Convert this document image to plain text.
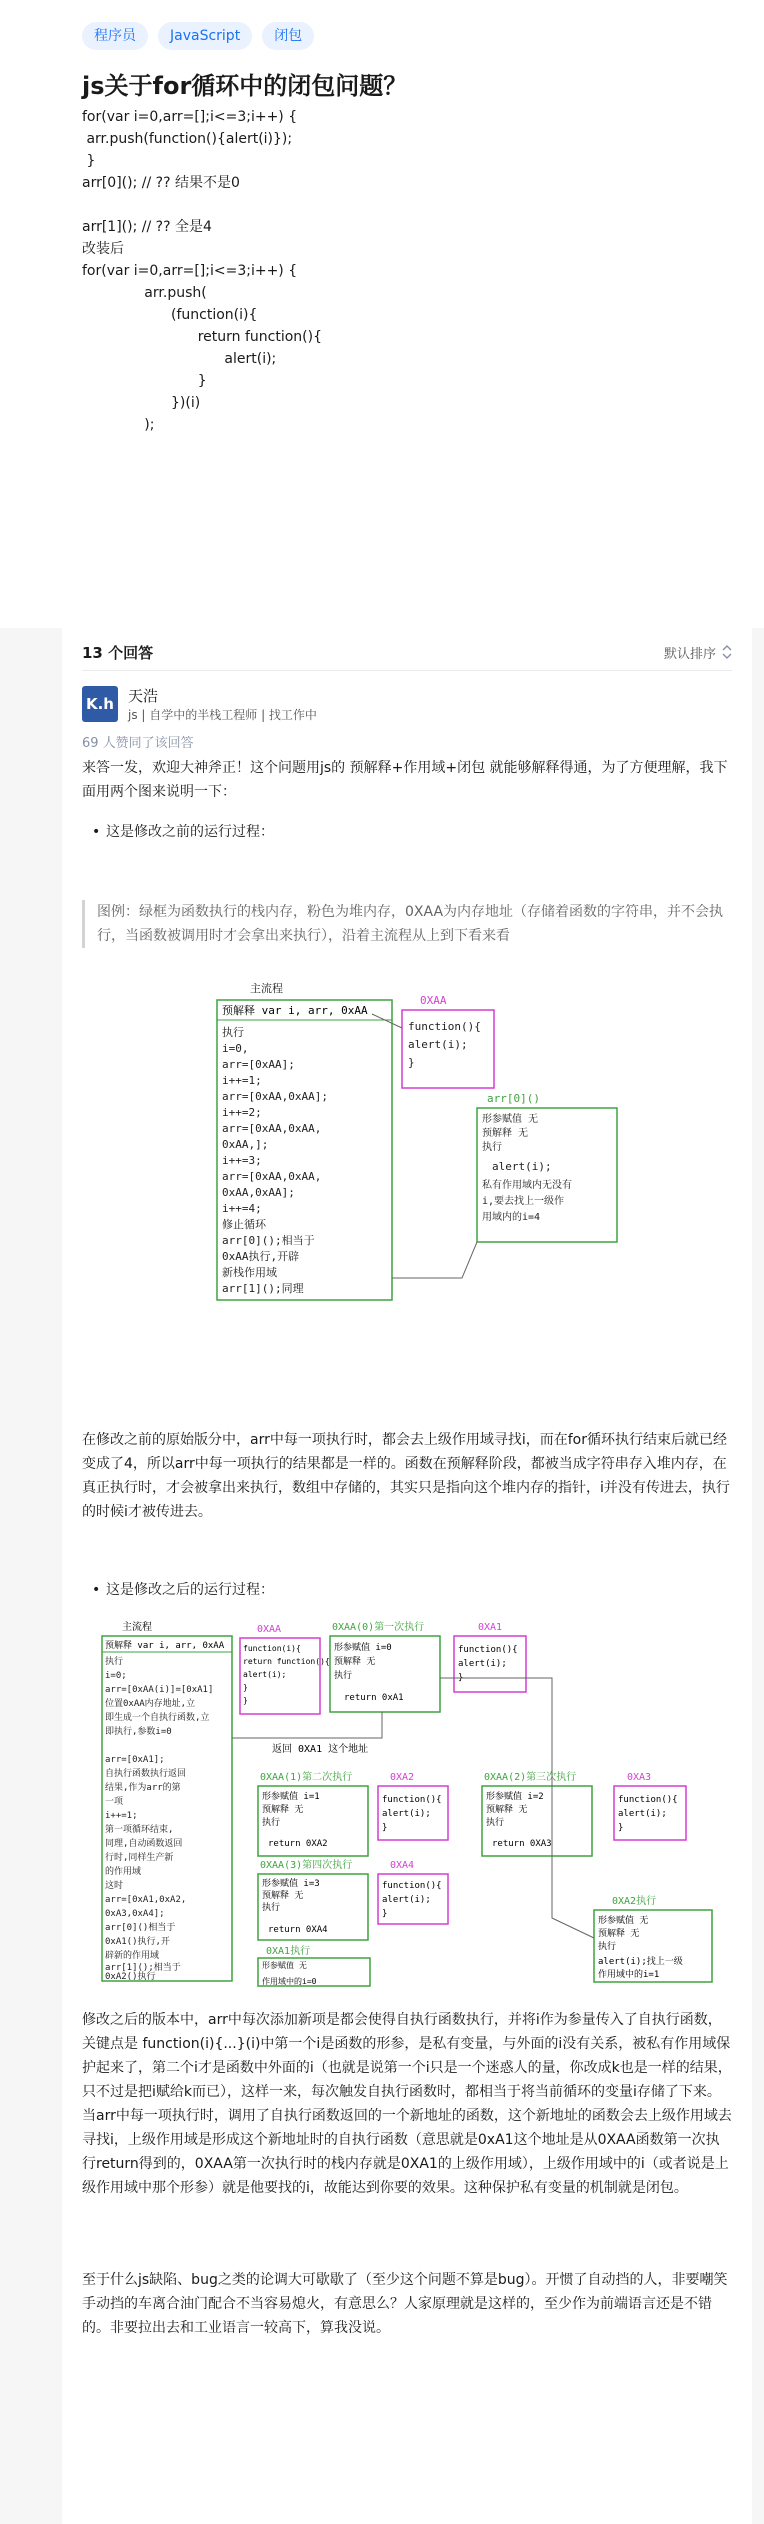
程序员	JavaScript	闭包
js关于for循环中的闭包问题？
for(var i=0,arr=[];i<=3;i++) {
arr.push(function(){alert(i)});
}
arr[0](); // ?? 结果不是0
arr[1](); // ?? 全是4
改装后
for(var i=0,arr=[];i<=3;i++) {
arr.push(
(function(i){
return function(){
alert(i);
}
})(i)
);
13 个回答	默认排序
K.h 天浩
js | 自学中的半栈工程师 | 找工作中
69 人赞同了该回答

来答一发，欢迎大神斧正！这个问题用js的 预解释+作用域+闭包 就能够解释得通，为了方便理解，我下面用两个图来说明一下：

• 这是修改之前的运行过程：
图例：绿框为函数执行的栈内存，粉色为堆内存，0XAA为内存地址（存储着函数的字符串，并不会执行，当函数被调用时才会拿出来执行），沿着主流程从上到下看来看
主流程
预解释 var i, arr, 0xAA
执行
i=0,
arr=[0xAA];
i++=1;
arr=[0xAA,0xAA];
i++=2;
arr=[0xAA,0xAA,
0xAA,];
i++=3;
arr=[0xAA,0xAA,
0xAA,0xAA];
i++=4;
修止循环
arr[0]();相当于
0xAA执行,开辟
新栈作用域
arr[1]();同理
0XAA
function(){
alert(i);
}
arr[0]()
形参赋值 无
预解释 无
执行
alert(i);
私有作用域内无没有
i,要去找上一级作
用域内的i=4

在修改之前的原始版分中，arr中每一项执行时，都会去上级作用域寻找i，而在for循环执行结束后就已经变成了4，所以arr中每一项执行的结果都是一样的。函数在预解释阶段，都被当成字符串存入堆内存，在真正执行时，才会被拿出来执行，数组中存储的，其实只是指向这个堆内存的指针，i并没有传进去，执行的时候i才被传进去。

• 这是修改之后的运行过程：
主流程
预解释 var i, arr, 0xAA
执行
i=0;
arr=[0xAA(i)]=[0xA1]
位置0xAA内存地址,立
即生成一个自执行函数,立
即执行,参数i=0
arr=[0xA1];
自执行函数执行返回
结果,作为arr的第
一项
i++=1;
第一项循环结束,
同理,自动函数返回
行时,同样生产新
的作用域
这时
arr=[0xA1,0xA2,
0xA3,0xA4];
arr[0]()相当于
0xA1()执行,开
辟新的作用域
arr[1]();相当于
0xA2()执行
0XAA
function(i){
return function(){
alert(i);
}
}
0XAA(0)第一次执行
形参赋值 i=0
预解释 无
执行
return 0xA1
0XA1
function(){
alert(i);
}
返回 0XA1 这个地址
0XAA(1)第二次执行
形参赋值 i=1
预解释 无
执行
return 0XA2
0XA2
function(){
alert(i);
}
0XAA(2)第三次执行
形参赋值 i=2
预解释 无
执行
return 0XA3
0XA3
function(){
alert(i);
}
0XAA(3)第四次执行
形参赋值 i=3
预解释 无
执行
return 0XA4
0XA4
function(){
alert(i);
}
0XA1执行
形参赋值 无
作用域中的i=0
0XA2执行
形参赋值 无
预解释 无
执行
alert(i);找上一级
作用域中的i=1

修改之后的版本中，arr中每次添加新项是都会使得自执行函数执行，并将i作为参量传入了自执行函数，关键点是 function(i){...}(i)中第一个i是函数的形参，是私有变量，与外面的i没有关系，被私有作用域保护起来了，第二个i才是函数中外面的i（也就是说第一个i只是一个迷惑人的量，你改成k也是一样的结果，只不过是把i赋给k而已），这样一来，每次触发自执行函数时，都相当于将当前循环的变量i存储了下来。当arr中每一项执行时，调用了自执行函数返回的一个新地址的函数，这个新地址的函数会去上级作用域去寻找i，上级作用域是形成这个新地址时的自执行函数（意思就是0xA1这个地址是从0XAA函数第一次执行return得到的，0XAA第一次执行时的栈内存就是0XA1的上级作用域），上级作用域中的i（或者说是上级作用域中那个形参）就是他要找的i，故能达到你要的效果。这种保护私有变量的机制就是闭包。

至于什么js缺陷、bug之类的论调大可歇歇了（至少这个问题不算是bug）。开惯了自动挡的人，非要嘲笑手动挡的车离合油门配合不当容易熄火，有意思么？人家原理就是这样的，至少作为前端语言还是不错的。非要拉出去和工业语言一较高下，算我没说。
